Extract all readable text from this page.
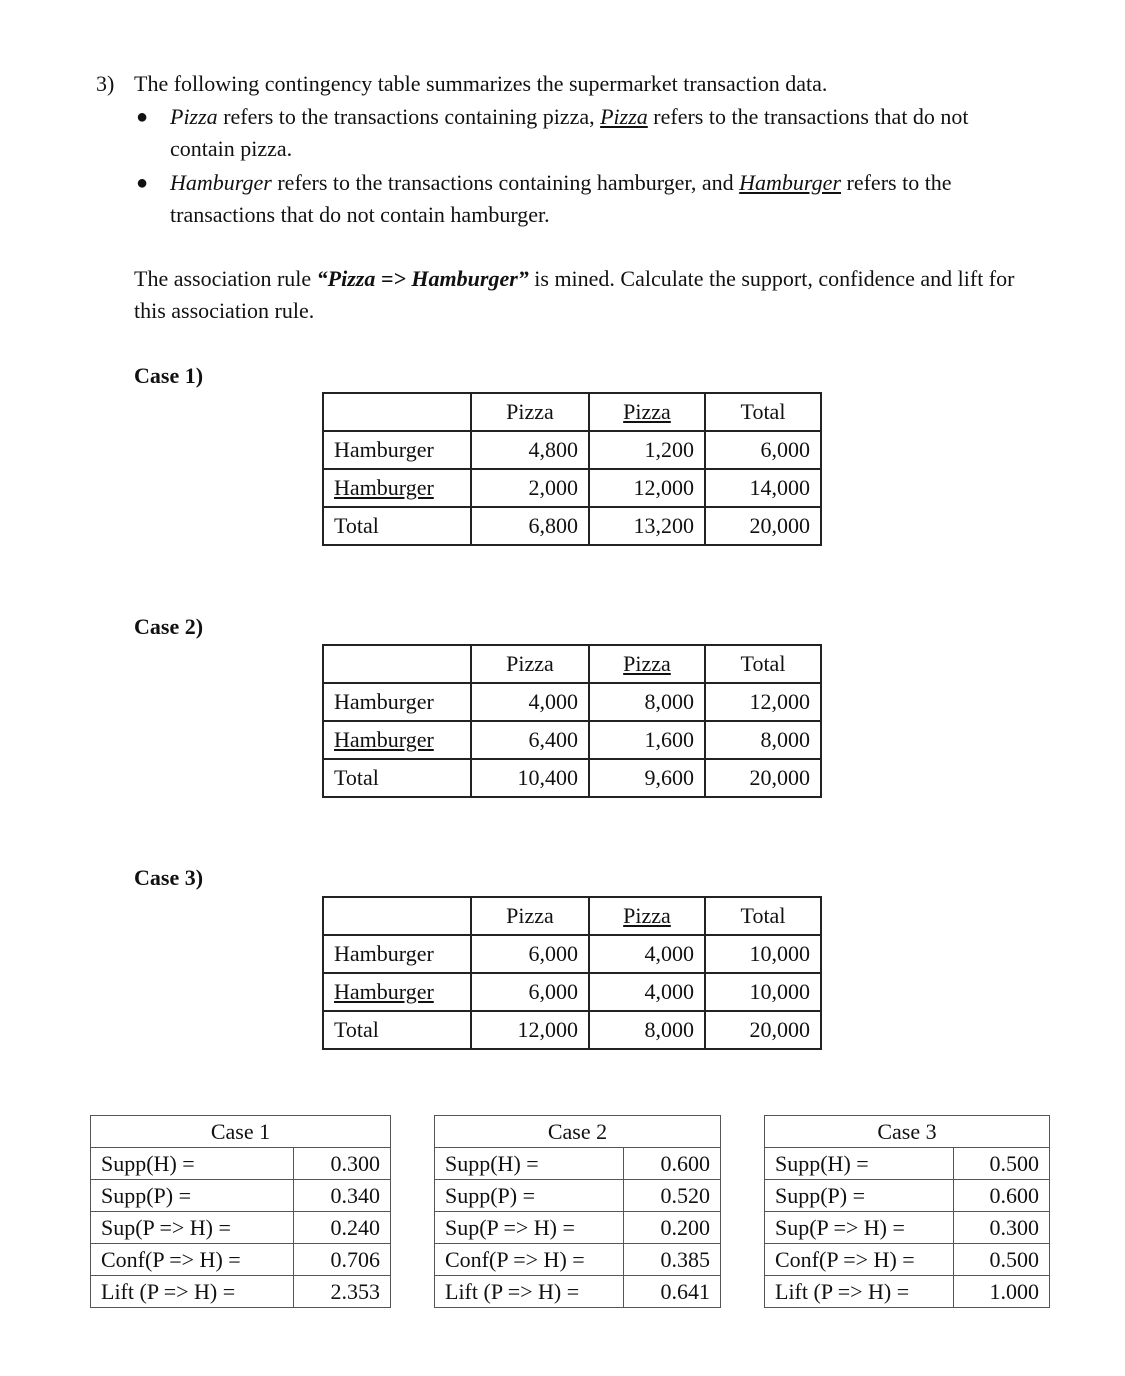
3) The following contingency table summarizes the supermarket transaction data.
● Pizza refers to the transactions containing pizza, Pizza refers to the transactions that do not contain pizza.
● Hamburger refers to the transactions containing hamburger, and Hamburger refers to the transactions that do not contain hamburger.
The association rule “Pizza => Hamburger” is mined. Calculate the support, confidence and lift for this association rule.
Case 1)
	Pizza	Pizza	Total
Hamburger	4,800	1,200	6,000
Hamburger	2,000	12,000	14,000
Total	6,800	13,200	20,000
Case 2)
	Pizza	Pizza	Total
Hamburger	4,000	8,000	12,000
Hamburger	6,400	1,600	8,000
Total	10,400	9,600	20,000
Case 3)
	Pizza	Pizza	Total
Hamburger	6,000	4,000	10,000
Hamburger	6,000	4,000	10,000
Total	12,000	8,000	20,000
Case 1	
Supp(H) =	0.300
Supp(P) =	0.340
Sup(P => H) =	0.240
Conf(P => H) =	0.706
Lift (P => H) =	2.353
Case 2	
Supp(H) =	0.600
Supp(P) =	0.520
Sup(P => H) =	0.200
Conf(P => H) =	0.385
Lift (P => H) =	0.641
Case 3	
Supp(H) =	0.500
Supp(P) =	0.600
Sup(P => H) =	0.300
Conf(P => H) =	0.500
Lift (P => H) =	1.000
